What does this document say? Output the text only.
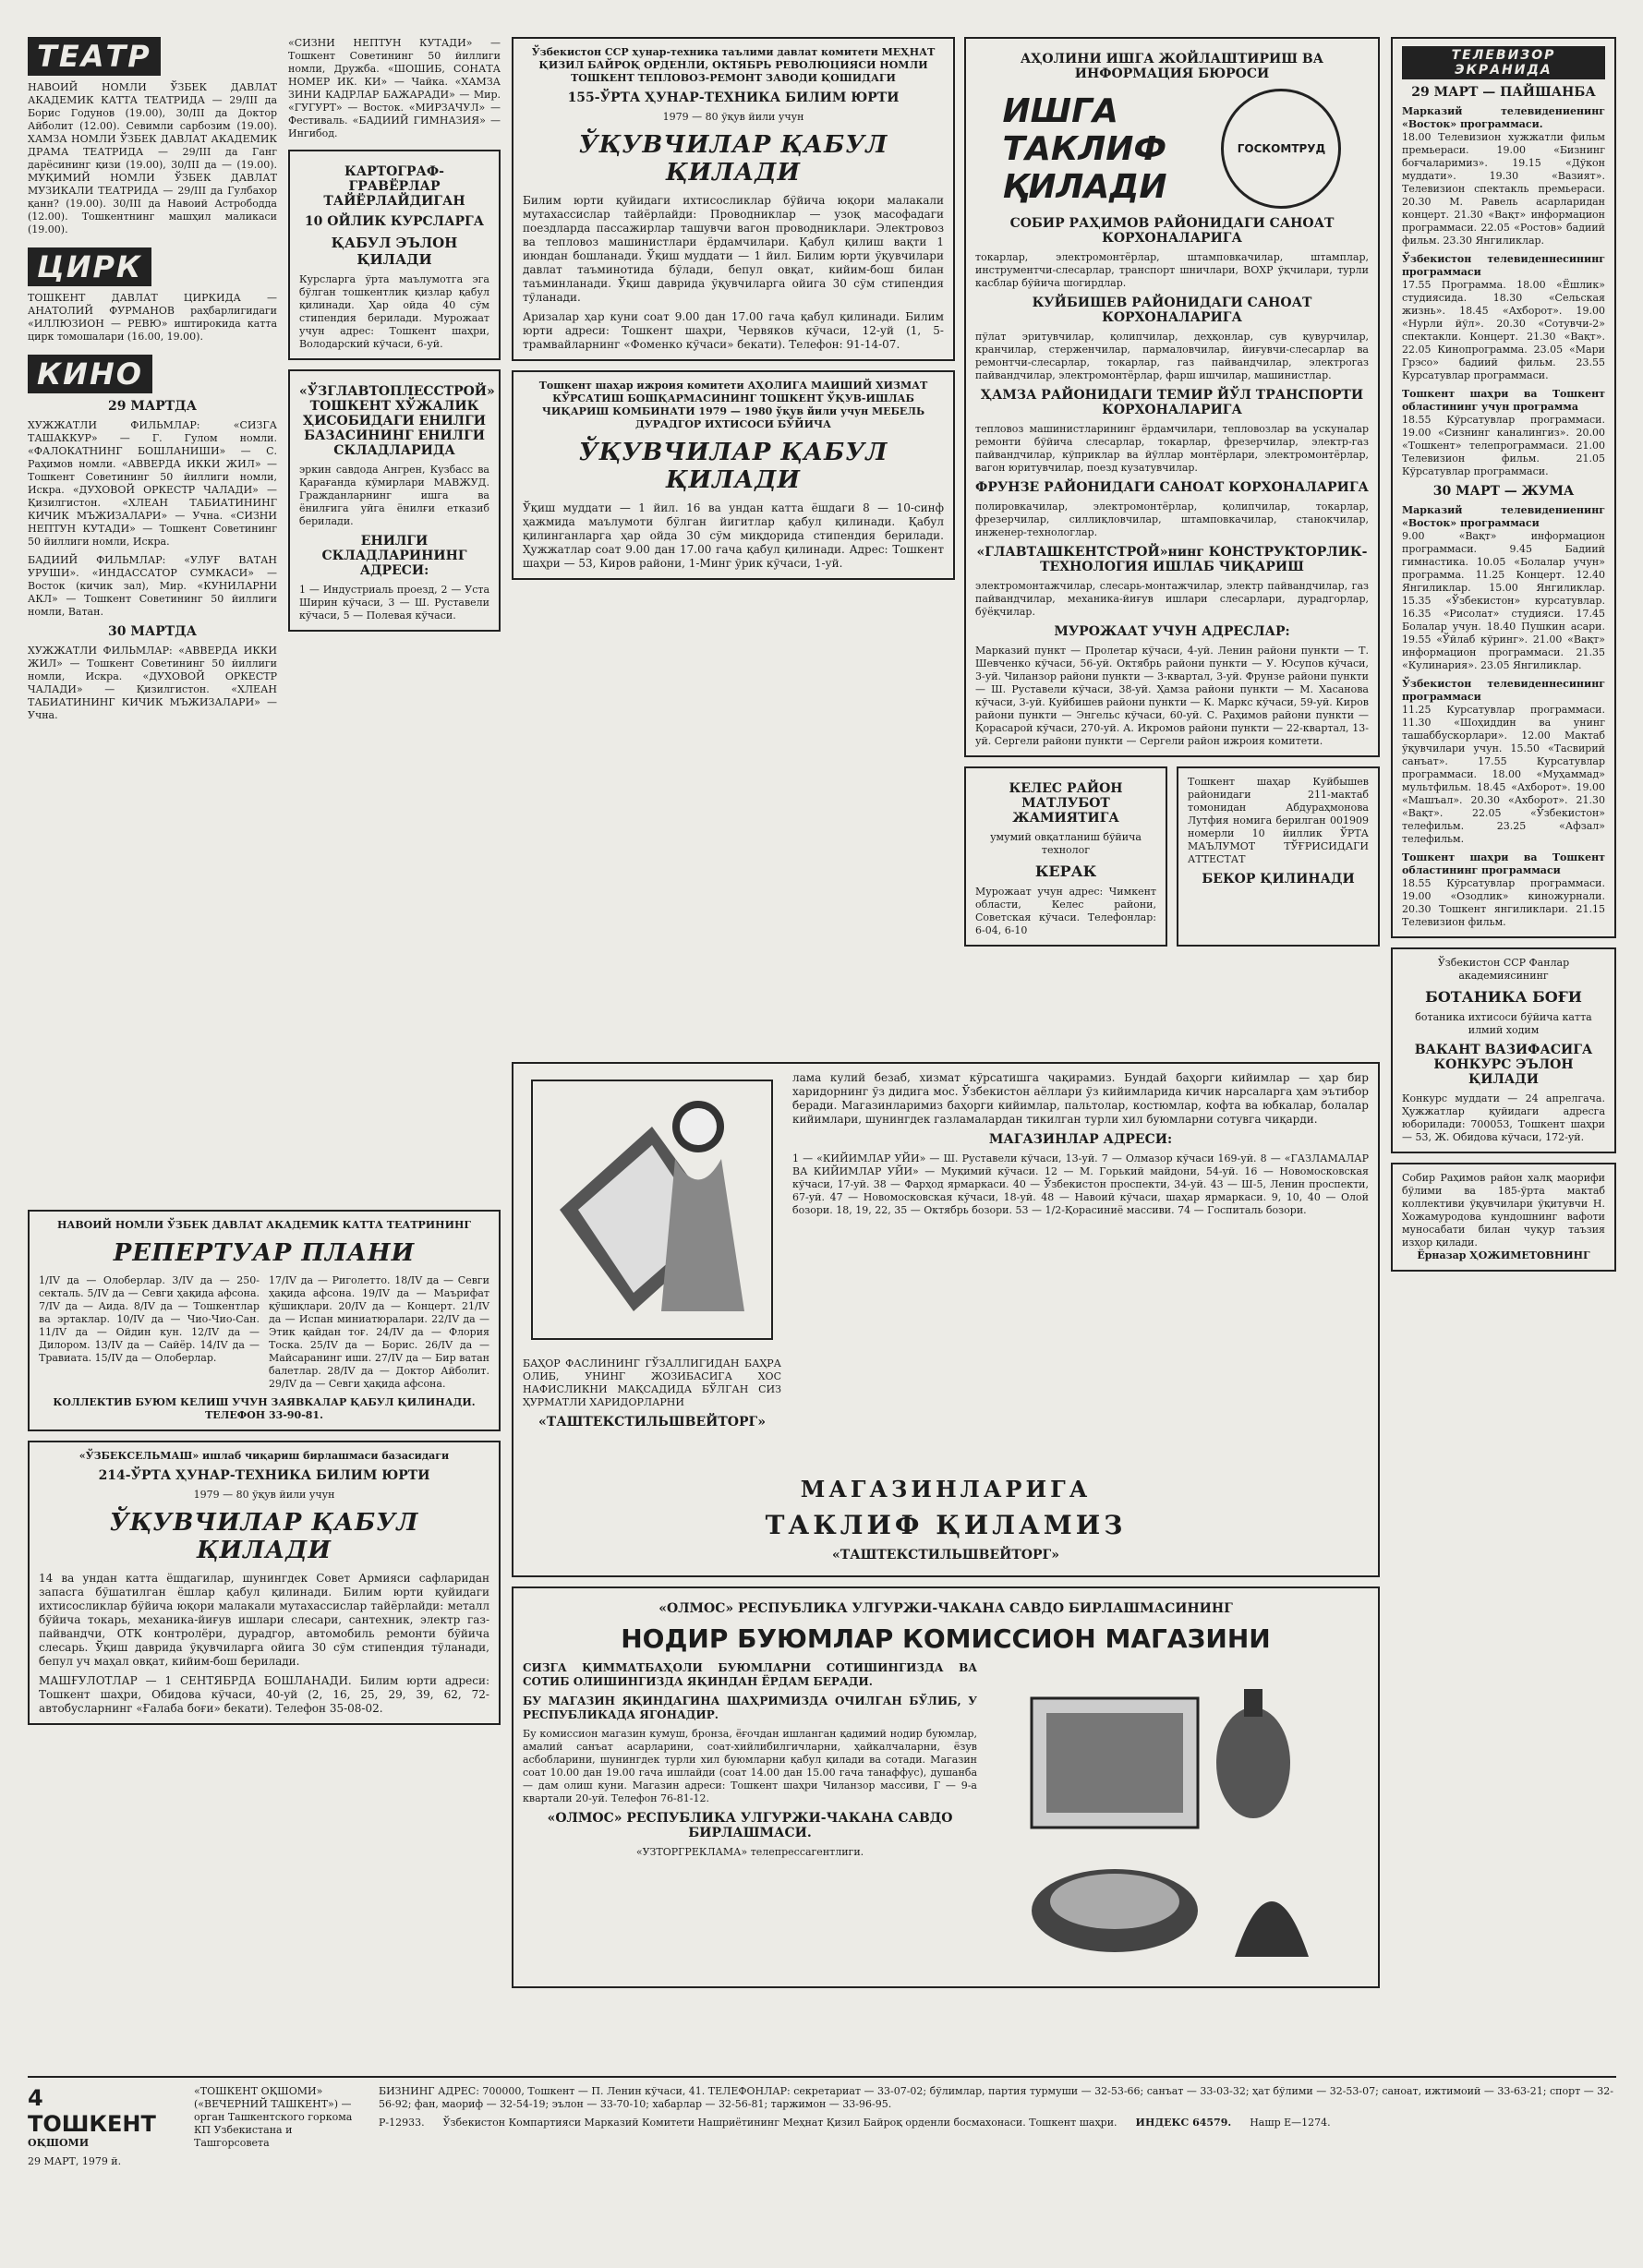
ТЕАТР
НАВОИЙ НОМЛИ ЎЗБЕК ДАВЛАТ АКАДЕМИК КАТТА ТЕАТРИДА — 29/III да Борис Годунов (19.00), 30/III да Доктор Айболит (12.00). Севимли сарбозим (19.00). ХАМЗА НОМЛИ ЎЗБЕК ДАВЛАТ АКАДЕМИК ДРАМА ТЕАТРИДА — 29/III да Ганг дарёсининг қизи (19.00), 30/III да — (19.00). МУҚИМИЙ НОМЛИ ЎЗБЕК ДАВЛАТ МУЗИКАЛИ ТЕАТРИДА — 29/III да Гулбахор қанн? (19.00). 30/III да Навоий Астрободда (12.00). Тошкентнинг машҳил маликаси (19.00).
ЦИРК
ТОШКЕНТ ДАВЛАТ ЦИРКИДА — АНАТОЛИЙ ФУРМАНОВ раҳбарлигидаги «ИЛЛЮЗИОН — РЕВЮ» иштирокида катта цирк томошалари (16.00, 19.00).
КИНО
29 МАРТДА
ХУЖЖАТЛИ ФИЛЬМЛАР: «СИЗГА ТАШАККУР» — Г. Гулом номли. «ФАЛОКАТНИНГ БОШЛАНИШИ» — С. Раҳимов номли. «АВВЕРДА ИККИ ЖИЛ» — Тошкент Советининг 50 йиллиги номли, Искра. «ДУХОВОЙ ОРКЕСТР ЧАЛАДИ» — Қизилгистон. «ХЛЕАН ТАБИАТИНИНГ КИЧИК МЪЖИЗАЛАРИ» — Учна. «СИЗНИ НЕПТУН КУТАДИ» — Тошкент Советининг 50 йиллиги номли, Искра.
БАДИИЙ ФИЛЬМЛАР: «УЛУҒ ВАТАН УРУШИ». «ИНДАССАТОР СУМКАСИ» — Восток (кичик зал), Мир. «КУНИЛАРНИ АКЛ» — Тошкент Советининг 50 йиллиги номли, Ватан.
30 МАРТДА
ХУЖЖАТЛИ ФИЛЬМЛАР: «АВВЕРДА ИККИ ЖИЛ» — Тошкент Советининг 50 йиллиги номли, Искра. «ДУХОВОЙ ОРКЕСТР ЧАЛАДИ» — Қизилгистон. «ХЛЕАН ТАБИАТИНИНГ КИЧИК МЪЖИЗАЛАРИ» — Учна.
«СИЗНИ НЕПТУН КУТАДИ» — Тошкент Советининг 50 йиллиги номли, Дружба. «ШОШИБ, СОНАТА НОМЕР ИК. КИ» — Чайка. «ХАМЗА ЗИНИ КАДРЛАР БАЖАРАДИ» — Мир. «ГУГУРТ» — Восток. «МИРЗАЧУЛ» — Фестиваль. «БАДИИЙ ГИМНАЗИЯ» — Ингибод.
КАРТОГРАФ-ГРАВЁРЛАР ТАЙЁРЛАЙДИГАН
10 ОЙЛИК КУРСЛАРГА
ҚАБУЛ ЭЪЛОН ҚИЛАДИ
Курсларга ўрта маълумотга эга бўлган тошкентлик қизлар қабул қилинади. Ҳар ойда 40 сўм стипендия берилади. Мурожаат учун адрес: Тошкент шаҳри, Володарский кўчаси, 6-уй.
«ЎЗГЛАВТОПЛЕССТРОЙ» ТОШКЕНТ ХЎЖАЛИК ҲИСОБИДАГИ ЕНИЛГИ БАЗАСИНИНГ ЕНИЛГИ СКЛАДЛАРИДА
эркин савдода Ангрен, Кузбасс ва Қарағанда кўмирлари МАВЖУД. Гражданларнинг ишга ва ёнилғига уйга ёнилғи етказиб берилади.
ЕНИЛГИ СКЛАДЛАРИНИНГ АДРЕСИ:
1 — Индустриаль проезд, 2 — Уста Ширин кўчаси, 3 — Ш. Руставели кўчаси, 5 — Полевая кўчаси.
Ўзбекистон ССР ҳунар-техника таълими давлат комитети МЕҲНАТ ҚИЗИЛ БАЙРОҚ ОРДЕНЛИ, ОКТЯБРЬ РЕВОЛЮЦИЯСИ НОМЛИ ТОШКЕНТ ТЕПЛОВОЗ-РЕМОНТ ЗАВОДИ ҚОШИДАГИ
155-ЎРТА ҲУНАР-ТЕХНИКА БИЛИМ ЮРТИ
1979 — 80 ўқув йили учун
ЎҚУВЧИЛАР ҚАБУЛ ҚИЛАДИ
Билим юрти қуйидаги ихтисосликлар бўйича юқори малакали мутахассислар тайёрлайди: Проводниклар — узоқ масофадаги поездларда пассажирлар ташувчи вагон проводниклари. Электровоз ва тепловоз машинистлари ёрдамчилари. Қабул қилиш вақти 1 июндан бошланади. Ўқиш муддати — 1 йил. Билим юрти ўқувчилари давлат таъминотида бўлади, бепул овқат, кийим-бош билан таъминланади. Ўқиш даврида ўқувчиларга ойига 30 сўм стипендия тўланади.
Аризалар ҳар куни соат 9.00 дан 17.00 гача қабул қилинади. Билим юрти адреси: Тошкент шаҳри, Червяков кўчаси, 12-уй (1, 5-трамвайларнинг «Фоменко кўчаси» бекати). Телефон: 91-14-07.
Тошкент шаҳар ижроия комитети АҲОЛИГА МАИШИЙ ХИЗМАТ КЎРСАТИШ БОШҚАРМАСИНИНГ ТОШКЕНТ ЎҚУВ-ИШЛАБ ЧИҚАРИШ КОМБИНАТИ 1979 — 1980 ўқув йили учун МЕБЕЛЬ ДУРАДГОР ИХТИСОСИ БЎЙИЧА
ЎҚУВЧИЛАР ҚАБУЛ ҚИЛАДИ
Ўқиш муддати — 1 йил. 16 ва ундан катта ёшдаги 8 — 10-синф ҳажмида маълумоти бўлган йигитлар қабул қилинади. Қабул қилинганларга ҳар ойда 30 сўм миқдорида стипендия берилади. Ҳужжатлар соат 9.00 дан 17.00 гача қабул қилинади. Адрес: Тошкент шаҳри — 53, Киров райони, 1-Минг ўрик кўчаси, 1-уй.
АҲОЛИНИ ИШГА ЖОЙЛАШТИРИШ ВА ИНФОРМАЦИЯ БЮРОСИ
ИШГА
ТАКЛИФ
ҚИЛАДИ
ГОСКОМТРУД
СОБИР РАҲИМОВ РАЙОНИДАГИ САНОАТ КОРХОНАЛАРИГА
токарлар, электромонтёрлар, штамповкачилар, штамплар, инструментчи-слесарлар, транспорт шничлари, ВОХР ўқчилари, турли касблар бўйича шогирдлар.
КУЙБИШЕВ РАЙОНИДАГИ САНОАТ КОРХОНАЛАРИГА
пўлат эритувчилар, қолипчилар, деҳқонлар, сув қувурчилар, кранчилар, стерженчилар, пармаловчилар, йиғувчи-слесарлар ва ремонтчи-слесарлар, токарлар, газ пайвандчилар, электрогаз пайвандчилар, электромонтёрлар, фарш ишчилар, машинистлар.
ҲАМЗА РАЙОНИДАГИ ТЕМИР ЙЎЛ ТРАНСПОРТИ КОРХОНАЛАРИГА
тепловоз машинистларининг ёрдамчилари, тепловозлар ва ускуналар ремонти бўйича слесарлар, токарлар, фрезерчилар, электр-газ пайвандчилар, кўприклар ва йўллар монтёрлари, электромонтёрлар, вагон юритувчилар, поезд кузатувчилар.
ФРУНЗЕ РАЙОНИДАГИ САНОАТ КОРХОНАЛАРИГА
полировкачилар, электромонтёрлар, қолипчилар, токарлар, фрезерчилар, силлиқловчилар, штамповкачилар, станокчилар, инженер-технологлар.
«ГЛАВТАШКЕНТСТРОЙ»нинг КОНСТРУКТОРЛИК-ТЕХНОЛОГИЯ ИШЛАБ ЧИҚАРИШ
электромонтажчилар, слесарь-монтажчилар, электр пайвандчилар, газ пайвандчилар, механика-йиғув ишлари слесарлари, дурадгорлар, бўёқчилар.
МУРОЖААТ УЧУН АДРЕСЛАР:
Марказий пункт — Пролетар кўчаси, 4-уй. Ленин райони пункти — Т. Шевченко кўчаси, 56-уй. Октябрь райони пункти — У. Юсупов кўчаси, 3-уй. Чиланзор райони пункти — 3-квартал, 3-уй. Фрунзе райони пункти — Ш. Руставели кўчаси, 38-уй. Ҳамза райони пункти — М. Хасанова кўчаси, 3-уй. Куйбишев райони пункти — К. Маркс кўчаси, 59-уй. Киров райони пункти — Энгельс кўчаси, 60-уй. С. Раҳимов райони пункти — Қорасарой кўчаси, 270-уй. А. Икромов райони пункти — 22-квартал, 13-уй. Сергели райони пункти — Сергели район ижроия комитети.
КЕЛЕС РАЙОН МАТЛУБОТ ЖАМИЯТИГА
умумий овқатланиш бўйича технолог
КЕРАК
Мурожаат учун адрес: Чимкент области, Келес райони, Советская кўчаси. Телефонлар: 6-04, 6-10
Тошкент шаҳар Куйбышев районидаги 211-мактаб томонидан Абдураҳмонова Лутфия номига берилган 001909 номерли 10 йиллик ЎРТА МАЪЛУМОТ ТЎҒРИСИДАГИ АТТЕСТАТ
БЕКОР ҚИЛИНАДИ
ТЕЛЕВИЗОР ЭКРАНИДА
29 МАРТ — ПАЙШАНБА
Марказий телевидениенинг «Восток» программаси.
18.00 Телевизион хужжатли фильм премьераси. 19.00 «Бизнинг боғчаларимиз». 19.15 «Дўкон муддати». 19.30 «Вазият». Телевизион спектакль премьераси. 20.30 М. Равель асарларидан концерт. 21.30 «Вақт» информацион программаси. 22.05 «Ростов» бадиий фильм. 23.30 Янгиликлар.
Ўзбекистон телевиденнесининг программаси
17.55 Программа. 18.00 «Ёшлик» студиясида. 18.30 «Сельская жизнь». 18.45 «Ахборот». 19.00 «Нурли йўл». 20.30 «Сотувчи-2» спектакли. Концерт. 21.30 «Вақт». 22.05 Кинопрограмма. 23.05 «Мари Грэсо» бадиий фильм. 23.55 Курсатувлар программаси.
Тошкент шаҳри ва Тошкент областининг учун программа
18.55 Кўрсатувлар программаси. 19.00 «Сизнинг каналингиз». 20.00 «Тошкент» телепрограммаси. 21.00 Телевизион фильм. 21.05 Кўрсатувлар программаси.
30 МАРТ — ЖУМА
Марказий телевидениенинг «Восток» программаси
9.00 «Вақт» информацион программаси. 9.45 Бадиий гимнастика. 10.05 «Болалар учун» программа. 11.25 Концерт. 12.40 Янгиликлар. 15.00 Янгиликлар. 15.35 «Ўзбекистон» курсатувлар. 16.35 «Рисолат» студияси. 17.45 Болалар учун. 18.40 Пушкин асари. 19.55 «Ўйлаб кўринг». 21.00 «Вақт» информацион программаси. 21.35 «Кулинария». 23.05 Янгиликлар.
Ўзбекистон телевиденнесининг программаси
11.25 Курсатувлар программаси. 11.30 «Шоҳиддин ва унинг ташаббускорлари». 12.00 Мактаб ўқувчилари учун. 15.50 «Тасвирий санъат». 17.55 Курсатувлар программаси. 18.00 «Муҳаммад» мультфильм. 18.45 «Ахборот». 19.00 «Машъал». 20.30 «Ахборот». 21.30 «Вақт». 22.05 «Ўзбекистон» телефильм. 23.25 «Афзал» телефильм.
Тошкент шаҳри ва Тошкент областининг программаси
18.55 Кўрсатувлар программаси. 19.00 «Озодлик» киножурнали. 20.30 Тошкент янгиликлари. 21.15 Телевизион фильм.
Ўзбекистон ССР Фанлар академиясининг
БОТАНИКА БОҒИ
ботаника ихтисоси бўйича катта илмий ходим
ВАКАНТ ВАЗИФАСИГА КОНКУРС ЭЪЛОН ҚИЛАДИ
Конкурс муддати — 24 апрелгача. Ҳужжатлар қуйидаги адресга юборилади: 700053, Тошкент шаҳри — 53, Ж. Обидова кўчаси, 172-уй.
Собир Раҳимов район халқ маорифи бўлими ва 185-ўрта мактаб коллективи ўқувчилари ўқитувчи Н. Хожамуродова кундошнинг вафоти муносабати билан чуқур таъзия изҳор қилади.
Ёрназар ҲОЖИМЕТОВНИНГ
НАВОИЙ НОМЛИ ЎЗБЕК ДАВЛАТ АКАДЕМИК КАТТА ТЕАТРИНИНГ
РЕПЕРТУАР ПЛАНИ
1/IV да — Олоберлар. 3/IV да — 250-секталь. 5/IV да — Севги ҳақида афсона. 7/IV да — Аида. 8/IV да — Тошкентлар ва эртаклар. 10/IV да — Чио-Чио-Сан. 11/IV да — Ойдин кун. 12/IV да — Дилором. 13/IV да — Сайёр. 14/IV да — Травиата. 15/IV да — Олоберлар.
17/IV да — Риголетто. 18/IV да — Севги ҳақида афсона. 19/IV да — Маърифат қўшиқлари. 20/IV да — Концерт. 21/IV да — Испан миниатюралари. 22/IV да — Этик қайдан тоғ. 24/IV да — Флория Тоска. 25/IV да — Борис. 26/IV да — Майсаранинг иши. 27/IV да — Бир ватан балетлар. 28/IV да — Доктор Айболит. 29/IV да — Севги ҳақида афсона.
КОЛЛЕКТИВ БУЮМ КЕЛИШ УЧУН ЗАЯВКАЛАР ҚАБУЛ ҚИЛИНАДИ. ТЕЛЕФОН 33-90-81.
«ЎЗБЕКСЕЛЬМАШ» ишлаб чиқариш бирлашмаси базасидаги
214-ЎРТА ҲУНАР-ТЕХНИКА БИЛИМ ЮРТИ
1979 — 80 ўқув йили учун
ЎҚУВЧИЛАР ҚАБУЛ ҚИЛАДИ
14 ва ундан катта ёшдагилар, шунингдек Совет Армияси сафларидан запасга бўшатилган ёшлар қабул қилинади. Билим юрти қуйидаги ихтисосликлар бўйича юқори малакали мутахассислар тайёрлайди: металл бўйича токарь, механика-йиғув ишлари слесари, сантехник, электр газ-пайвандчи, ОТК контролёри, дурадгор, автомобиль ремонти бўйича слесарь. Ўқиш даврида ўқувчиларга ойига 30 сўм стипендия тўланади, бепул уч маҳал овқат, кийим-бош берилади.
МАШҒУЛОТЛАР — 1 СЕНТЯБРДА БОШЛАНАДИ. Билим юрти адреси: Тошкент шаҳри, Обидова кўчаси, 40-уй (2, 16, 25, 29, 39, 62, 72-автобусларнинг «Ғалаба боғи» бекати). Телефон 35-08-02.
БАҲОР ФАСЛИНИНГ ГЎЗАЛЛИГИДАН БАҲРА ОЛИБ, УНИНГ ЖОЗИБАСИГА ХОС НАФИСЛИКНИ МАҚСАДИДА БЎЛГАН СИЗ ҲУРМАТЛИ ХАРИДОРЛАРНИ
«ТАШТЕКСТИЛЬШВЕЙТОРГ»
лама кулий безаб, хизмат кўрсатишга чақирамиз. Бундай баҳорги кийимлар — ҳар бир харидорнинг ўз дидига мос. Ўзбекистон аёллари ўз кийимларида кичик нарсаларга ҳам эътибор беради. Магазинларимиз баҳорги кийимлар, пальтолар, костюмлар, кофта ва юбкалар, болалар кийимлари, шунингдек газламалардан тикилган турли хил буюмларни сотувга чиқарди.
МАГАЗИНЛАР АДРЕСИ:
1 — «КИЙИМЛАР УЙИ» — Ш. Руставели кўчаси, 13-уй. 7 — Олмазор кўчаси 169-уй. 8 — «ГАЗЛАМАЛАР ВА КИЙИМЛАР УЙИ» — Муқимий кўчаси. 12 — М. Горький майдони, 54-уй. 16 — Новомосковская кўчаси, 17-уй. 38 — Фарҳод ярмаркаси. 40 — Ўзбекистон проспекти, 34-уй. 43 — Ш-5, Ленин проспекти, 67-уй. 47 — Новомосковская кўчаси, 18-уй. 48 — Навоий кўчаси, шаҳар ярмаркаси. 9, 10, 40 — Олой бозори. 18, 19, 22, 35 — Октябрь бозори. 53 — 1/2-Қорасиниё массиви. 74 — Госпиталь бозори.
МАГАЗИНЛАРИГА
ТАКЛИФ ҚИЛАМИЗ
«ТАШТЕКСТИЛЬШВЕЙТОРГ»
«ОЛМОС» РЕСПУБЛИКА УЛГУРЖИ-ЧАКАНА САВДО БИРЛАШМАСИНИНГ
НОДИР БУЮМЛАР КОМИССИОН МАГАЗИНИ
СИЗГА ҚИММАТБАҲОЛИ БУЮМЛАРНИ СОТИШИНГИЗДА ВА СОТИБ ОЛИШИНГИЗДА ЯҚИНДАН ЁРДАМ БЕРАДИ.
БУ МАГАЗИН ЯҚИНДАГИНА ШАҲРИМИЗДА ОЧИЛГАН БЎЛИБ, У РЕСПУБЛИКАДА ЯГОНАДИР.
Бу комиссион магазин кумуш, бронза, ёғочдан ишланган қадимий нодир буюмлар, амалий санъат асарларини, соат-хийлибилгичларни, ҳайкалчаларни, ёзув асбобларини, шунингдек турли хил буюмларни қабул қилади ва сотади. Магазин соат 10.00 дан 19.00 гача ишлайди (соат 14.00 дан 15.00 гача танаффус), душанба — дам олиш куни. Магазин адреси: Тошкент шаҳри Чиланзор массиви, Г — 9-а квартали 20-уй. Телефон 76-81-12.
«ОЛМОС» РЕСПУБЛИКА УЛГУРЖИ-ЧАКАНА САВДО БИРЛАШМАСИ.
«УЗТОРГРЕКЛАМА» телепрессагентлиги.
4 ТОШКЕНТ
ОҚШОМИ
29 МАРТ, 1979 й.
«ТОШКЕНТ ОҚШОМИ» («ВЕЧЕРНИЙ ТАШКЕНТ») — орган Ташкентского горкома КП Узбекистана и Ташгорсовета
БИЗНИНГ АДРЕС: 700000, Тошкент — П. Ленин кўчаси, 41. ТЕЛЕФОНЛАР: секретариат — 33-07-02; бўлимлар, партия турмуши — 32-53-66; санъат — 33-03-32; ҳат бўлими — 32-53-07; саноат, ижтимоий — 33-63-21; спорт — 32-56-92; фан, маориф — 32-54-19; эълон — 33-70-10; хабарлар — 32-56-81; таржимон — 33-96-95.
Р-12933. Ўзбекистон Компартияси Марказий Комитети Нашриётининг Меҳнат Қизил Байроқ орденли босмахонаси. Тошкент шаҳри. ИНДЕКС 64579. Нашр Е—1274.
